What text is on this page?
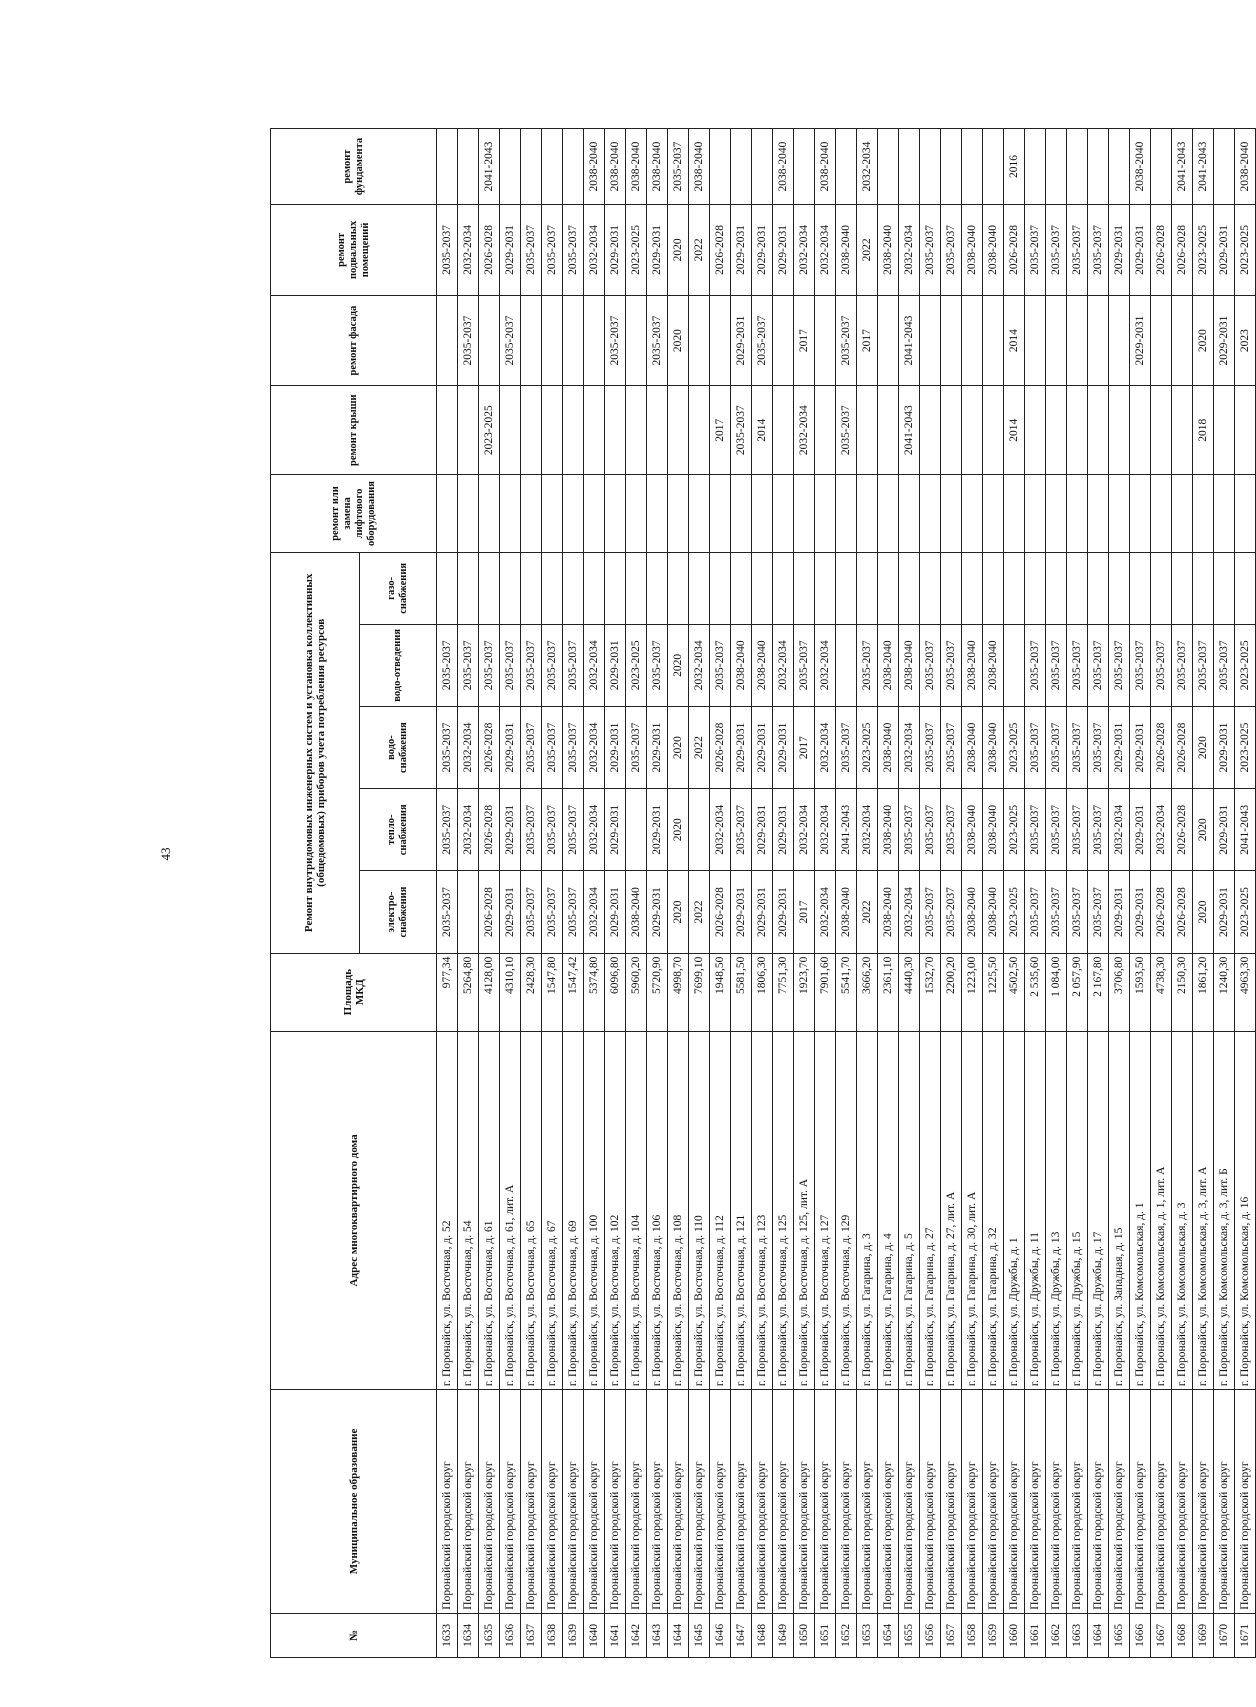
43
№	Муниципальное образование	Адрес многоквартирного дома	Площадь МКД	Ремонт внутридомовых инженерных систем и установка коллективных (общедомовых) приборов учета потребления ресурсов					ремонт или замена лифтового оборудования	ремонт крыши	ремонт фасада	ремонт подвальных помещений	ремонт фундамента
				электро-снабжения	тепло-снабжения	водо-снабжения	водо-отведения	газо-снабжения					
1633	Поронайский городской округ	г. Поронайск, ул. Восточная, д. 52	977,34	2035-2037	2035-2037	2035-2037	2035-2037					2035-2037	
1634	Поронайский городской округ	г. Поронайск, ул. Восточная, д. 54	5264,80		2032-2034	2032-2034	2035-2037				2035-2037	2032-2034	
1635	Поронайский городской округ	г. Поронайск, ул. Восточная, д. 61	4128,00	2026-2028	2026-2028	2026-2028	2035-2037			2023-2025		2026-2028	2041-2043
1636	Поронайский городской округ	г. Поронайск, ул. Восточная, д. 61, лит. А	4310,10	2029-2031	2029-2031	2029-2031	2035-2037				2035-2037	2029-2031	
1637	Поронайский городской округ	г. Поронайск, ул. Восточная, д. 65	2428,30	2035-2037	2035-2037	2035-2037	2035-2037					2035-2037	
1638	Поронайский городской округ	г. Поронайск, ул. Восточная, д. 67	1547,80	2035-2037	2035-2037	2035-2037	2035-2037					2035-2037	
1639	Поронайский городской округ	г. Поронайск, ул. Восточная, д. 69	1547,42	2035-2037	2035-2037	2035-2037	2035-2037					2035-2037	
1640	Поронайский городской округ	г. Поронайск, ул. Восточная, д. 100	5374,80	2032-2034	2032-2034	2032-2034	2032-2034					2032-2034	2038-2040
1641	Поронайский городской округ	г. Поронайск, ул. Восточная, д. 102	6096,80	2029-2031	2029-2031	2029-2031	2029-2031				2035-2037	2029-2031	2038-2040
1642	Поронайский городской округ	г. Поронайск, ул. Восточная, д. 104	5960,20	2038-2040		2035-2037	2023-2025					2023-2025	2038-2040
1643	Поронайский городской округ	г. Поронайск, ул. Восточная, д. 106	5720,90	2029-2031	2029-2031	2029-2031	2035-2037				2035-2037	2029-2031	2038-2040
1644	Поронайский городской округ	г. Поронайск, ул. Восточная, д. 108	4998,70	2020	2020	2020	2020				2020	2020	2035-2037
1645	Поронайский городской округ	г. Поронайск, ул. Восточная, д. 110	7699,10	2022		2022	2032-2034					2022	2038-2040
1646	Поронайский городской округ	г. Поронайск, ул. Восточная, д. 112	1948,50	2026-2028	2032-2034	2026-2028	2035-2037			2017		2026-2028	
1647	Поронайский городской округ	г. Поронайск, ул. Восточная, д. 121	5581,50	2029-2031	2035-2037	2029-2031	2038-2040			2035-2037	2029-2031	2029-2031	
1648	Поронайский городской округ	г. Поронайск, ул. Восточная, д. 123	1806,30	2029-2031	2029-2031	2029-2031	2038-2040			2014	2035-2037	2029-2031	
1649	Поронайский городской округ	г. Поронайск, ул. Восточная, д. 125	7751,30	2029-2031	2029-2031	2029-2031	2032-2034					2029-2031	2038-2040
1650	Поронайский городской округ	г. Поронайск, ул. Восточная, д. 125, лит. А	1923,70	2017	2032-2034	2017	2035-2037			2032-2034	2017	2032-2034	
1651	Поронайский городской округ	г. Поронайск, ул. Восточная, д. 127	7901,60	2032-2034	2032-2034	2032-2034	2032-2034					2032-2034	2038-2040
1652	Поронайский городской округ	г. Поронайск, ул. Восточная, д. 129	5541,70	2038-2040	2041-2043	2035-2037				2035-2037	2035-2037	2038-2040	
1653	Поронайский городской округ	г. Поронайск, ул. Гагарина, д. 3	3666,20	2022	2032-2034	2023-2025	2035-2037				2017	2022	2032-2034
1654	Поронайский городской округ	г. Поронайск, ул. Гагарина, д. 4	2361,10	2038-2040	2038-2040	2038-2040	2038-2040					2038-2040	
1655	Поронайский городской округ	г. Поронайск, ул. Гагарина, д. 5	4440,30	2032-2034	2035-2037	2032-2034	2038-2040			2041-2043	2041-2043	2032-2034	
1656	Поронайский городской округ	г. Поронайск, ул. Гагарина, д. 27	1532,70	2035-2037	2035-2037	2035-2037	2035-2037					2035-2037	
1657	Поронайский городской округ	г. Поронайск, ул. Гагарина, д. 27, лит. А	2200,20	2035-2037	2035-2037	2035-2037	2035-2037					2035-2037	
1658	Поронайский городской округ	г. Поронайск, ул. Гагарина, д. 30, лит. А	1223,00	2038-2040	2038-2040	2038-2040	2038-2040					2038-2040	
1659	Поронайский городской округ	г. Поронайск, ул. Гагарина, д. 32	1225,50	2038-2040	2038-2040	2038-2040	2038-2040					2038-2040	
1660	Поронайский городской округ	г. Поронайск, ул. Дружбы, д. 1	4502,50	2023-2025	2023-2025	2023-2025				2014	2014	2026-2028	2016
1661	Поронайский городской округ	г. Поронайск, ул. Дружбы, д. 11	2 535,60	2035-2037	2035-2037	2035-2037	2035-2037					2035-2037	
1662	Поронайский городской округ	г. Поронайск, ул. Дружбы, д. 13	1 084,00	2035-2037	2035-2037	2035-2037	2035-2037					2035-2037	
1663	Поронайский городской округ	г. Поронайск, ул. Дружбы, д. 15	2 057,90	2035-2037	2035-2037	2035-2037	2035-2037					2035-2037	
1664	Поронайский городской округ	г. Поронайск, ул. Дружбы, д. 17	2 167,80	2035-2037	2035-2037	2035-2037	2035-2037					2035-2037	
1665	Поронайский городской округ	г. Поронайск, ул. Западная, д. 15	3706,80	2029-2031	2032-2034	2029-2031	2035-2037					2029-2031	
1666	Поронайский городской округ	г. Поронайск, ул. Комсомольская, д. 1	1593,50	2029-2031	2029-2031	2029-2031	2035-2037				2029-2031	2029-2031	2038-2040
1667	Поронайский городской округ	г. Поронайск, ул. Комсомольская, д. 1, лит. А	4738,30	2026-2028	2032-2034	2026-2028	2035-2037					2026-2028	
1668	Поронайский городской округ	г. Поронайск, ул. Комсомольская, д. 3	2150,30	2026-2028	2026-2028	2026-2028	2035-2037					2026-2028	2041-2043
1669	Поронайский городской округ	г. Поронайск, ул. Комсомольская, д. 3, лит. А	1861,20	2020	2020	2020	2035-2037			2018	2020	2023-2025	2041-2043
1670	Поронайский городской округ	г. Поронайск, ул. Комсомольская, д. 3, лит. Б	1240,30	2029-2031	2029-2031	2029-2031	2035-2037				2029-2031	2029-2031	
1671	Поронайский городской округ	г. Поронайск, ул. Комсомольская, д. 16	4963,30	2023-2025	2041-2043	2023-2025	2023-2025				2023	2023-2025	2038-2040
